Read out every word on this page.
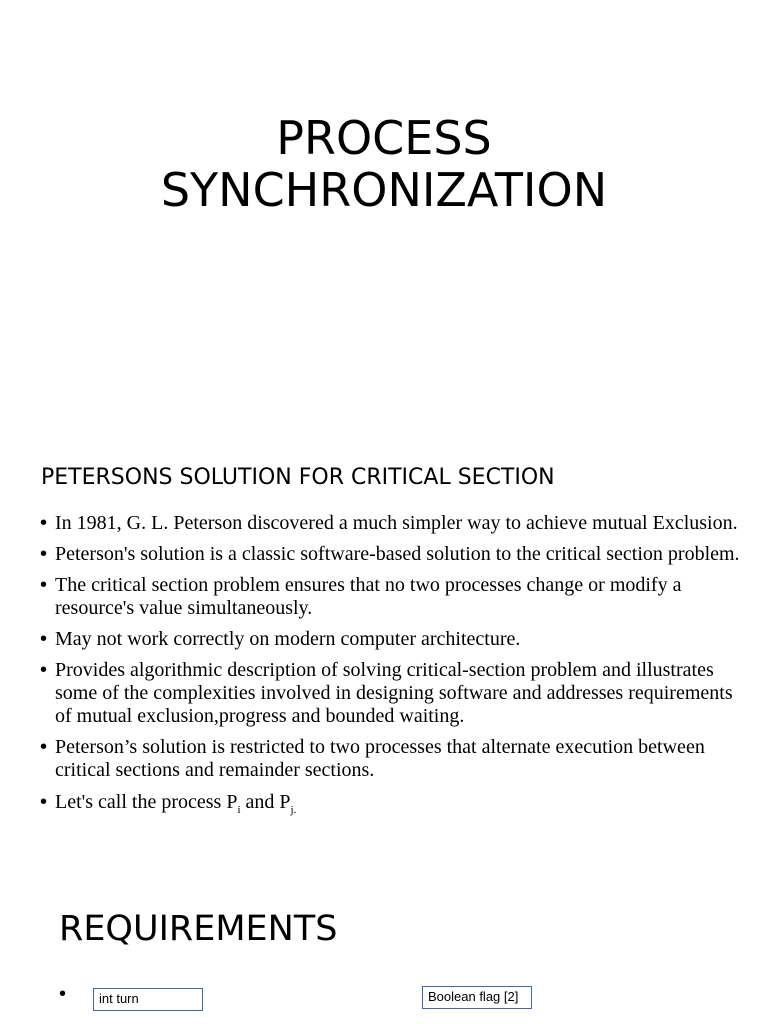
PROCESS
SYNCHRONIZATION
PETERSONS SOLUTION FOR CRITICAL SECTION
• In 1981, G. L. Peterson discovered a much simpler way to achieve mutual Exclusion.
• Peterson's solution is a classic software-based solution to the critical section problem.
• The critical section problem ensures that no two processes change or modify a resource's value simultaneously.
• May not work correctly on modern computer architecture.
• Provides algorithmic description of solving critical-section problem and illustrates some of the complexities involved in designing software and addresses requirements of mutual exclusion,progress and bounded waiting.
• Peterson’s solution is restricted to two processes that alternate execution between critical sections and remainder sections.
• Let's call the process $P_i$ and $P_{j.}$
REQUIREMENTS
•	int turn	Boolean flag [2]
